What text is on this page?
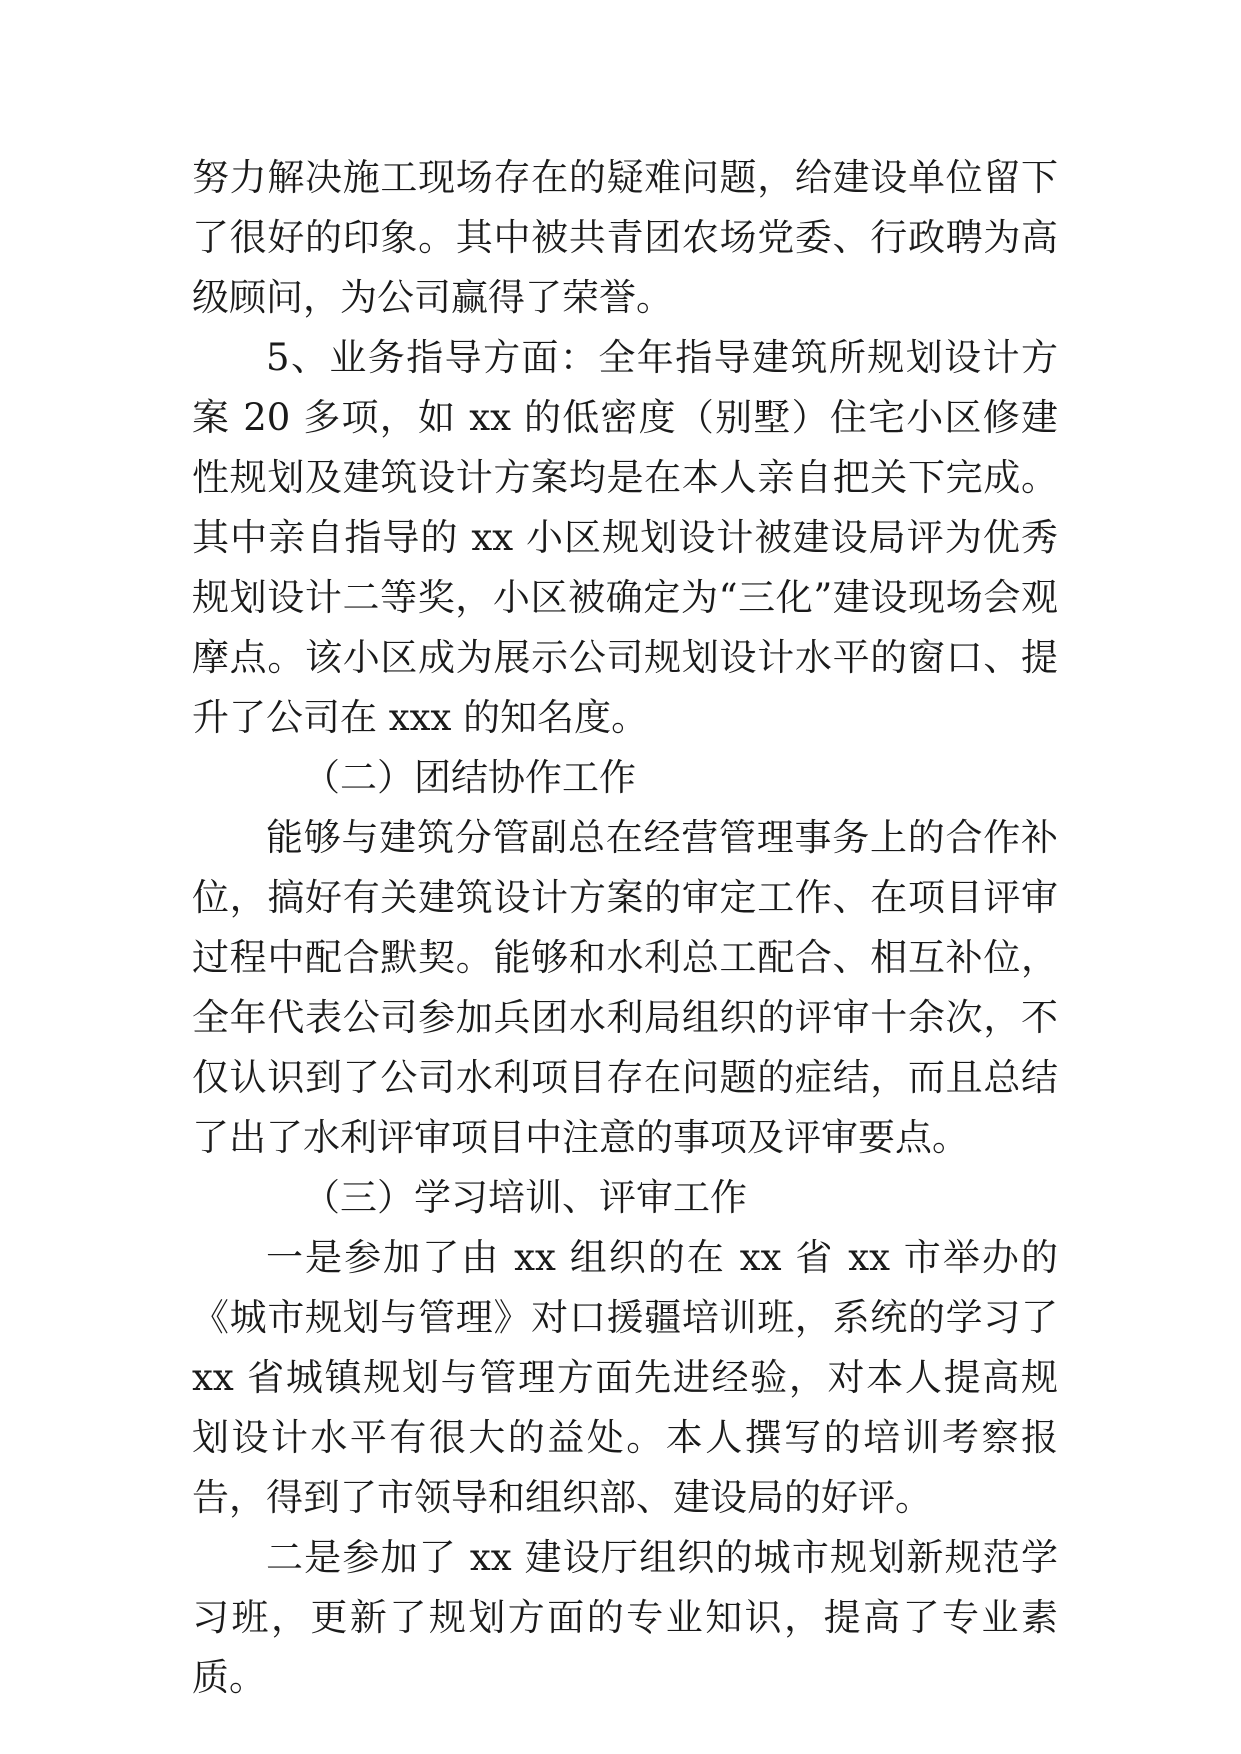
努力解决施工现场存在的疑难问题，给建设单位留下了很好的印象。其中被共青团农场党委、行政聘为高级顾问，为公司赢得了荣誉。

5、业务指导方面：全年指导建筑所规划设计方案 20 多项，如 xx 的低密度（别墅）住宅小区修建性规划及建筑设计方案均是在本人亲自把关下完成。其中亲自指导的 xx 小区规划设计被建设局评为优秀规划设计二等奖，小区被确定为“三化”建设现场会观摩点。该小区成为展示公司规划设计水平的窗口、提升了公司在 xxx 的知名度。

（二）团结协作工作

能够与建筑分管副总在经营管理事务上的合作补位，搞好有关建筑设计方案的审定工作、在项目评审过程中配合默契。能够和水利总工配合、相互补位，全年代表公司参加兵团水利局组织的评审十余次，不仅认识到了公司水利项目存在问题的症结，而且总结了出了水利评审项目中注意的事项及评审要点。

（三）学习培训、评审工作

一是参加了由 xx 组织的在 xx 省 xx 市举办的《城市规划与管理》对口援疆培训班，系统的学习了 xx 省城镇规划与管理方面先进经验，对本人提高规划设计水平有很大的益处。本人撰写的培训考察报告，得到了市领导和组织部、建设局的好评。

二是参加了 xx 建设厅组织的城市规划新规范学习班，更新了规划方面的专业知识，提高了专业素质。
